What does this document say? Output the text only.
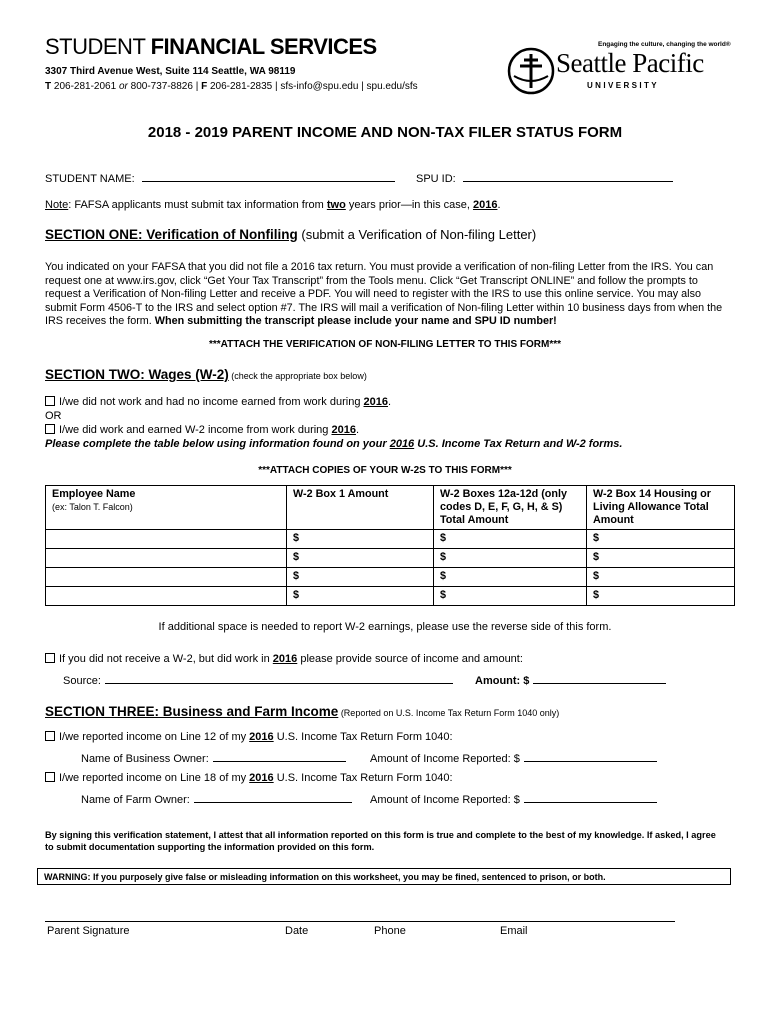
STUDENT FINANCIAL SERVICES
3307 Third Avenue West, Suite 114 Seattle, WA 98119
T 206-281-2061 or 800-737-8826 | F 206-281-2835 | sfs-info@spu.edu | spu.edu/sfs
Engaging the culture, changing the world®
Seattle Pacific
UNIVERSITY
2018 - 2019 PARENT INCOME AND NON-TAX FILER STATUS FORM
STUDENT NAME:	SPU ID:
Note: FAFSA applicants must submit tax information from two years prior—in this case, 2016.
SECTION ONE: Verification of Nonfiling (submit a Verification of Non-filing Letter)
You indicated on your FAFSA that you did not file a 2016 tax return. You must provide a verification of non-filing Letter from the IRS. You can request one at www.irs.gov, click “Get Your Tax Transcript” from the Tools menu. Click “Get Transcript ONLINE” and follow the prompts to request a Verification of Non-filing Letter and receive a PDF. You will need to register with the IRS to use this online service. You may also submit Form 4506-T to the IRS and select option #7. The IRS will mail a verification of Non-filing Letter within 10 business days from when the IRS receives the form. When submitting the transcript please include your name and SPU ID number!
***ATTACH THE VERIFICATION OF NON-FILING LETTER TO THIS FORM***
SECTION TWO: Wages (W-2) (check the appropriate box below)
I/we did not work and had no income earned from work during 2016.
OR
I/we did work and earned W-2 income from work during 2016.
Please complete the table below using information found on your 2016 U.S. Income Tax Return and W-2 forms.
***ATTACH COPIES OF YOUR W-2S TO THIS FORM***
Employee Name
(ex: Talon T. Falcon)	W-2 Box 1 Amount	W-2 Boxes 12a-12d (only codes D, E, F, G, H, & S) Total Amount	W-2 Box 14 Housing or Living Allowance Total Amount
	$	$	$
	$	$	$
	$	$	$
	$	$	$
If additional space is needed to report W-2 earnings, please use the reverse side of this form.
If you did not receive a W-2, but did work in 2016 please provide source of income and amount:
Source:	Amount: $
SECTION THREE: Business and Farm Income (Reported on U.S. Income Tax Return Form 1040 only)
I/we reported income on Line 12 of my 2016 U.S. Income Tax Return Form 1040:
Name of Business Owner:	Amount of Income Reported: $
I/we reported income on Line 18 of my 2016 U.S. Income Tax Return Form 1040:
Name of Farm Owner:	Amount of Income Reported: $
By signing this verification statement, I attest that all information reported on this form is true and complete to the best of my knowledge. If asked, I agree to submit documentation supporting the information provided on this form.
WARNING: If you purposely give false or misleading information on this worksheet, you may be fined, sentenced to prison, or both.
Parent Signature	Date	Phone	Email
